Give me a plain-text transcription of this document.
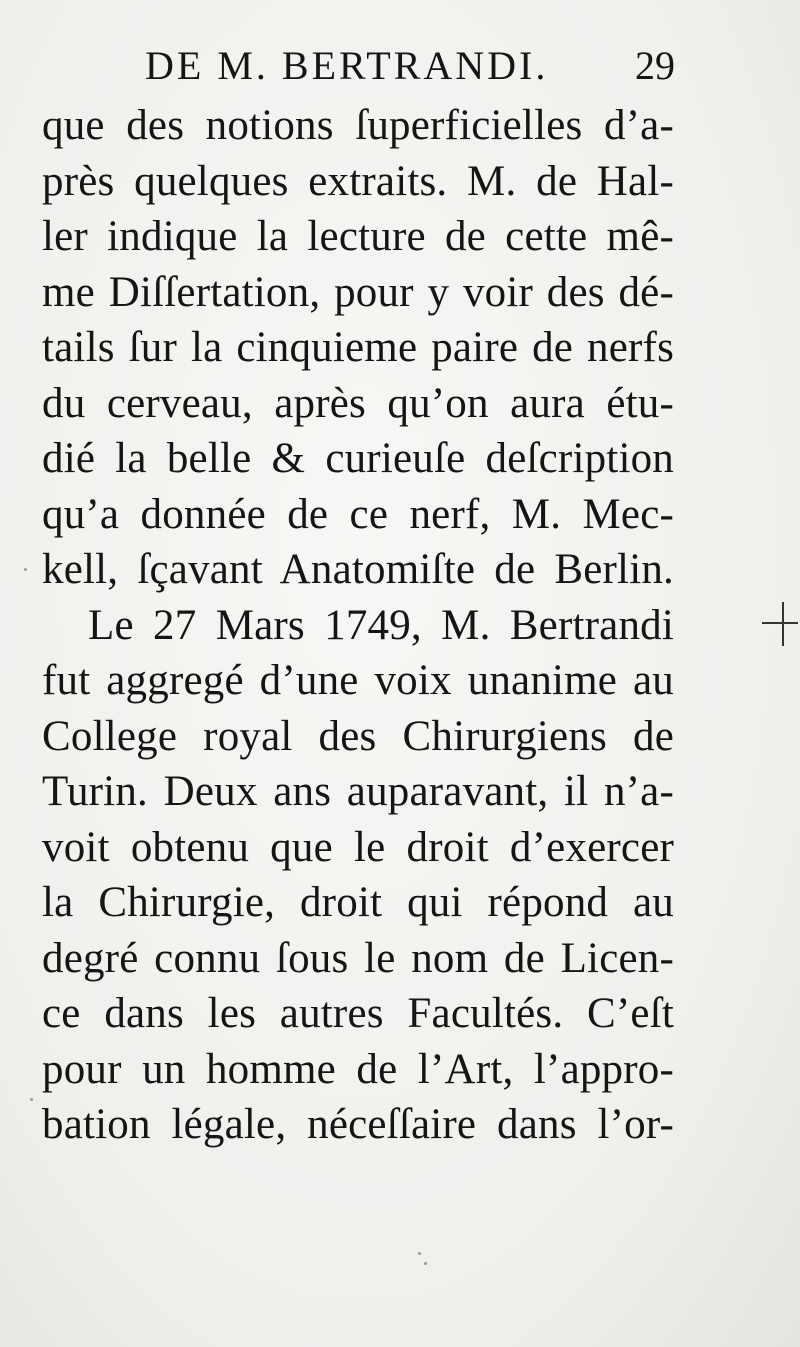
DE M. BERTRANDI. 29
que des notions ſuperficielles d’a-
près quelques extraits. M. de Hal-
ler indique la lecture de cette mê-
me Diſſertation, pour y voir des dé-
tails ſur la cinquieme paire de nerfs
du cerveau, après qu’on aura étu-
dié la belle & curieuſe deſcription
qu’a donnée de ce nerf, M. Mec-
kell, ſçavant Anatomiſte de Berlin.
Le 27 Mars 1749, M. Bertrandi
fut aggregé d’une voix unanime au
College royal des Chirurgiens de
Turin. Deux ans auparavant, il n’a-
voit obtenu que le droit d’exercer
la Chirurgie, droit qui répond au
degré connu ſous le nom de Licen-
ce dans les autres Facultés. C’eſt
pour un homme de l’Art, l’appro-
bation légale, néceſſaire dans l’or-
